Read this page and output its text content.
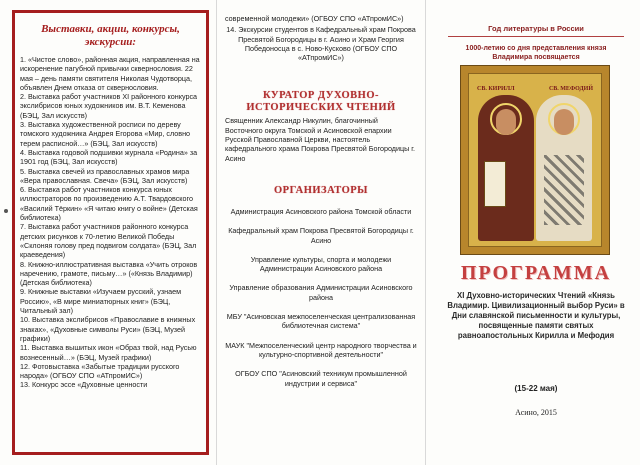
Выставки, акции, конкурсы, экскурсии:
1. «Чистое слово», районная акция, направленная на искоренение пагубной привычки сквернословия. 22 мая – день памяти святителя Николая Чудотворца, объявлен Днем отказа от сквернословия.
2. Выставка работ участников XI районного конкурса экслибрисов юных художников им. В.Т. Кеменова (БЭЦ, Зал искусств)
3. Выставка художественной росписи по дереву томского художника Андрея Егорова «Мир, словно терем расписной…» (БЭЦ, Зал искусств)
4. Выставка годовой подшивки журнала «Родина» за 1901 год (БЭЦ, Зал искусств)
5. Выставка свечей из православных храмов мира «Вера православная. Свеча» (БЭЦ, Зал искусств)
6. Выставка работ участников конкурса юных иллюстраторов по произведению А.Т. Твардовского «Василий Тёркин» «Я читаю книгу о войне» (Детская библиотека)
7. Выставка работ участников районного конкурса детских рисунков к 70-летию Великой Победы «Склоняя голову пред подвигом солдата» (БЭЦ, Зал краеведения)
8. Книжно-иллюстративная выставка «Учить отроков наречению, грамоте, письму…» («Князь Владимир) (Детская библиотека)
9. Книжные выставки «Изучаем русский, узнаем Россию», «В мире миниатюрных книг» (БЭЦ, Читальный зал)
10. Выставка экслибрисов «Православие в книжных знаках», «Духовные символы Руси» (БЭЦ, Музей графики)
11. Выставка вышитых икон «Образ твой, над Русью вознесенный…» (БЭЦ, Музей графики)
12. Фотовыставка «Забытые традиции русского народа» (ОГБОУ СПО «АТпромИС»)
13. Конкурс эссе «Духовные ценности

современной молодежи» (ОГБОУ СПО «АТпромИС»)

14. Экскурсии студентов в Кафедральный храм Покрова Пресвятой Богородицы в г. Асино и Храм Георгия Победоносца в с. Ново-Кусково (ОГБОУ СПО «АТпромИС»)

КУРАТОР ДУХОВНО-ИСТОРИЧЕСКИХ ЧТЕНИЙ

Священник Александр Никулин, благочинный Восточного округа Томской и Асиновской епархии Русской Православной Церкви, настоятель кафедрального храма Покрова Пресвятой Богородицы г. Асино

ОРГАНИЗАТОРЫ

Администрация Асиновского района Томской области

Кафедральный храм Покрова Пресвятой Богородицы г. Асино

Управление культуры, спорта и молодежи Администрации Асиновского района

Управление образования Администрации Асиновского района

МБУ "Асиновская межпоселенческая централизованная библиотечная система"

МАУК "Межпоселенческий центр народного творчества и культурно-спортивной деятельности"

ОГБОУ СПО "Асиновский техникум промышленной индустрии и сервиса"

Год литературы в России
1000-летию со дня представления князя Владимира посвящается
СВ. КИРИЛЛ	СВ. МЕФОДИЙ
ПРОГРАММА
XI Духовно-исторических Чтений «Князь Владимир. Цивилизационный выбор Руси» в Дни славянской письменности и культуры, посвященные памяти святых равноапостольных Кирилла и Мефодия
(15-22 мая)
Асино, 2015
